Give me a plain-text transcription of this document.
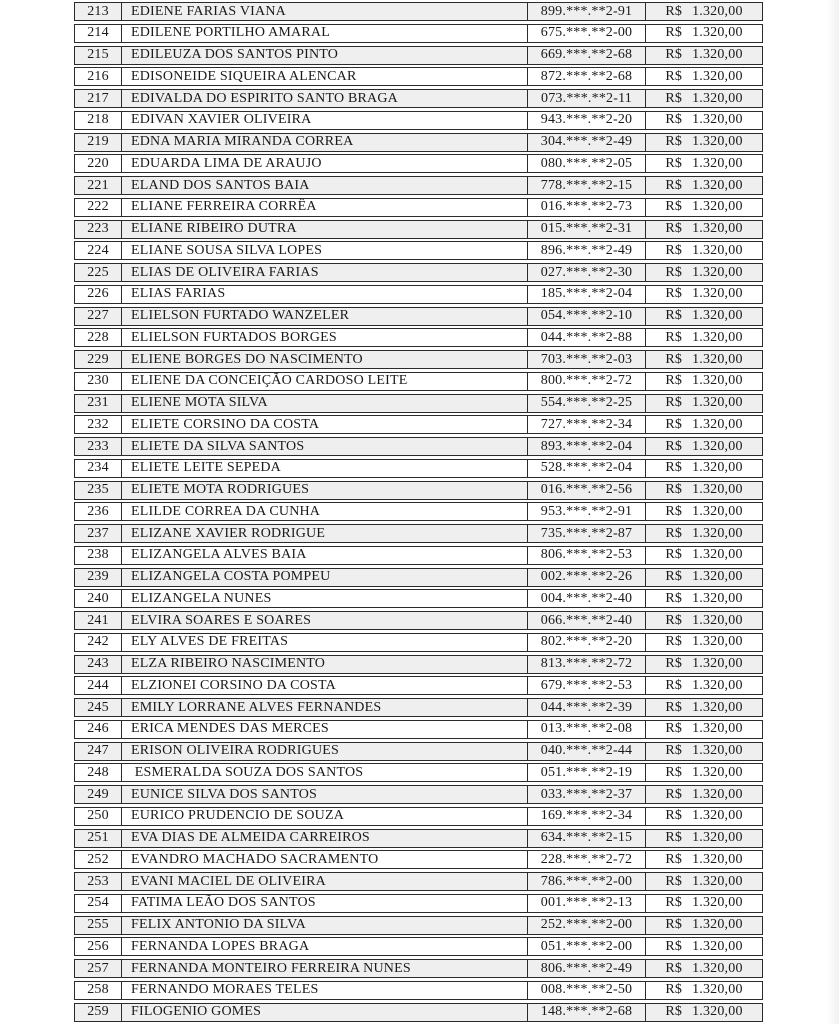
213	EDIENE FARIAS VIANA	899.***.**2-91	R$ 1.320,00
214	EDILENE PORTILHO AMARAL	675.***.**2-00	R$ 1.320,00
215	EDILEUZA DOS SANTOS PINTO	669.***.**2-68	R$ 1.320,00
216	EDISONEIDE SIQUEIRA ALENCAR	872.***.**2-68	R$ 1.320,00
217	EDIVALDA DO ESPIRITO SANTO BRAGA	073.***.**2-11	R$ 1.320,00
218	EDIVAN XAVIER OLIVEIRA	943.***.**2-20	R$ 1.320,00
219	EDNA MARIA MIRANDA CORREA	304.***.**2-49	R$ 1.320,00
220	EDUARDA LIMA DE ARAUJO	080.***.**2-05	R$ 1.320,00
221	ELAND DOS SANTOS BAIA	778.***.**2-15	R$ 1.320,00
222	ELIANE FERREIRA CORRÊA	016.***.**2-73	R$ 1.320,00
223	ELIANE RIBEIRO DUTRA	015.***.**2-31	R$ 1.320,00
224	ELIANE SOUSA SILVA LOPES	896.***.**2-49	R$ 1.320,00
225	ELIAS DE OLIVEIRA FARIAS	027.***.**2-30	R$ 1.320,00
226	ELIAS FARIAS	185.***.**2-04	R$ 1.320,00
227	ELIELSON FURTADO WANZELER	054.***.**2-10	R$ 1.320,00
228	ELIELSON FURTADOS BORGES	044.***.**2-88	R$ 1.320,00
229	ELIENE BORGES DO NASCIMENTO	703.***.**2-03	R$ 1.320,00
230	ELIENE DA CONCEIÇÃO CARDOSO LEITE	800.***.**2-72	R$ 1.320,00
231	ELIENE MOTA SILVA	554.***.**2-25	R$ 1.320,00
232	ELIETE CORSINO DA COSTA	727.***.**2-34	R$ 1.320,00
233	ELIETE DA SILVA SANTOS	893.***.**2-04	R$ 1.320,00
234	ELIETE LEITE SEPEDA	528.***.**2-04	R$ 1.320,00
235	ELIETE MOTA RODRIGUES	016.***.**2-56	R$ 1.320,00
236	ELILDE CORREA DA CUNHA	953.***.**2-91	R$ 1.320,00
237	ELIZANE XAVIER RODRIGUE	735.***.**2-87	R$ 1.320,00
238	ELIZANGELA ALVES BAIA	806.***.**2-53	R$ 1.320,00
239	ELIZANGELA COSTA POMPEU	002.***.**2-26	R$ 1.320,00
240	ELIZANGELA NUNES	004.***.**2-40	R$ 1.320,00
241	ELVIRA SOARES E SOARES	066.***.**2-40	R$ 1.320,00
242	ELY ALVES DE FREITAS	802.***.**2-20	R$ 1.320,00
243	ELZA RIBEIRO NASCIMENTO	813.***.**2-72	R$ 1.320,00
244	ELZIONEI CORSINO DA COSTA	679.***.**2-53	R$ 1.320,00
245	EMILY LORRANE ALVES FERNANDES	044.***.**2-39	R$ 1.320,00
246	ERICA MENDES DAS MERCES	013.***.**2-08	R$ 1.320,00
247	ERISON OLIVEIRA RODRIGUES	040.***.**2-44	R$ 1.320,00
248	ESMERALDA SOUZA DOS SANTOS	051.***.**2-19	R$ 1.320,00
249	EUNICE SILVA DOS SANTOS	033.***.**2-37	R$ 1.320,00
250	EURICO PRUDENCIO DE SOUZA	169.***.**2-34	R$ 1.320,00
251	EVA DIAS DE ALMEIDA CARREIROS	634.***.**2-15	R$ 1.320,00
252	EVANDRO MACHADO SACRAMENTO	228.***.**2-72	R$ 1.320,00
253	EVANI MACIEL DE OLIVEIRA	786.***.**2-00	R$ 1.320,00
254	FATIMA LEÃO DOS SANTOS	001.***.**2-13	R$ 1.320,00
255	FELIX ANTONIO DA SILVA	252.***.**2-00	R$ 1.320,00
256	FERNANDA LOPES BRAGA	051.***.**2-00	R$ 1.320,00
257	FERNANDA MONTEIRO FERREIRA NUNES	806.***.**2-49	R$ 1.320,00
258	FERNANDO MORAES TELES	008.***.**2-50	R$ 1.320,00
259	FILOGENIO GOMES	148.***.**2-68	R$ 1.320,00
